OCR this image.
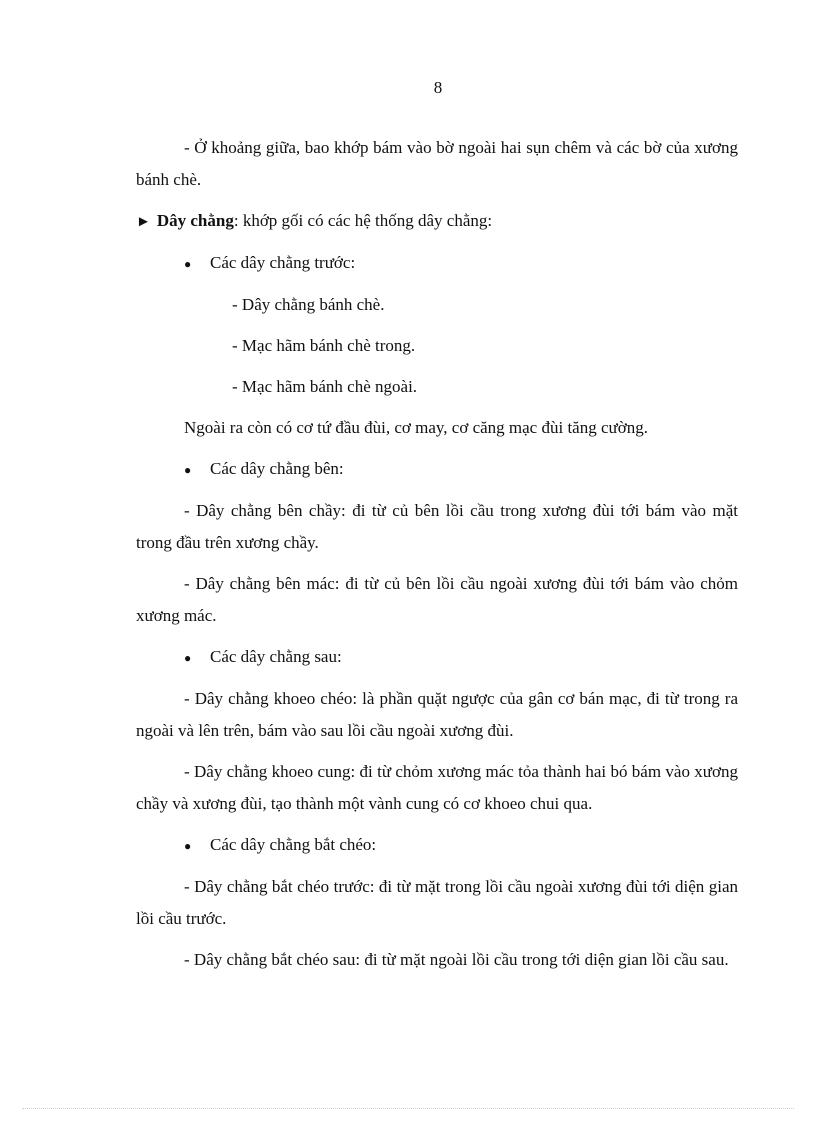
8

- Ở khoảng giữa, bao khớp bám vào bờ ngoài hai sụn chêm và các bờ của xương bánh chè.

► Dây chằng: khớp gối có các hệ thống dây chằng:

●	Các dây chằng trước:

- Dây chằng bánh chè.

- Mạc hãm bánh chè trong.

- Mạc hãm bánh chè ngoài.

Ngoài ra còn có cơ tứ đầu đùi, cơ may, cơ căng mạc đùi tăng cường.

●	Các dây chằng bên:

- Dây chằng bên chầy: đi từ củ bên lồi cầu trong xương đùi tới bám vào mặt trong đầu trên xương chầy.

- Dây chằng bên mác: đi từ củ bên lồi cầu ngoài xương đùi tới bám vào chỏm xương mác.

●	Các dây chằng sau:

- Dây chằng khoeo chéo: là phần quặt ngược của gân cơ bán mạc, đi từ trong ra ngoài và lên trên, bám vào sau lồi cầu ngoài xương đùi.

- Dây chằng khoeo cung: đi từ chỏm xương mác tỏa thành hai bó bám vào xương chầy và xương đùi, tạo thành một vành cung có cơ khoeo chui qua.

●	Các dây chằng bắt chéo:

- Dây chằng bắt chéo trước: đi từ mặt trong lồi cầu ngoài xương đùi tới diện gian lồi cầu trước.

- Dây chằng bắt chéo sau: đi từ mặt ngoài lồi cầu trong tới diện gian lồi cầu sau.
